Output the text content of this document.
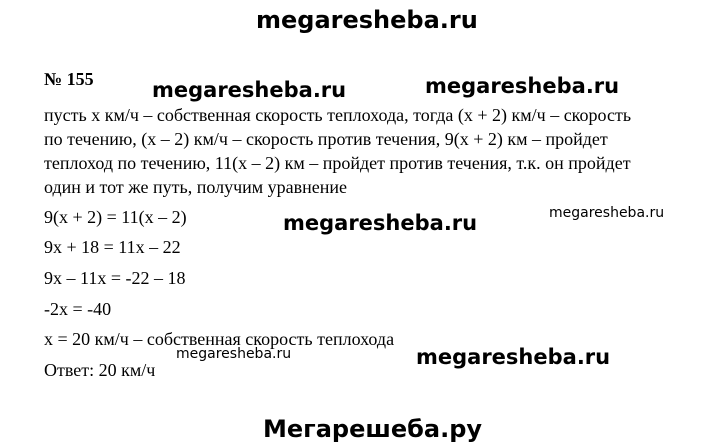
megaresheba.ru
№ 155	megaresheba.ru	megaresheba.ru
пусть х км/ч – собственная скорость теплохода, тогда (х + 2) км/ч – скорость
по течению, (х – 2) км/ч – скорость против течения, 9(х + 2) км – пройдет
теплоход по течению, 11(х – 2) км – пройдет против течения, т.к. он пройдет
один и тот же путь, получим уравнение
9(х + 2) = 11(х – 2)	megaresheba.ru	megaresheba.ru
9х + 18 = 11х – 22
9х – 11х = -22 – 18
-2х = -40
х = 20 км/ч – собственная скорость теплохода
megaresheba.ru	megaresheba.ru
Ответ: 20 км/ч
Мегарешеба.ру
